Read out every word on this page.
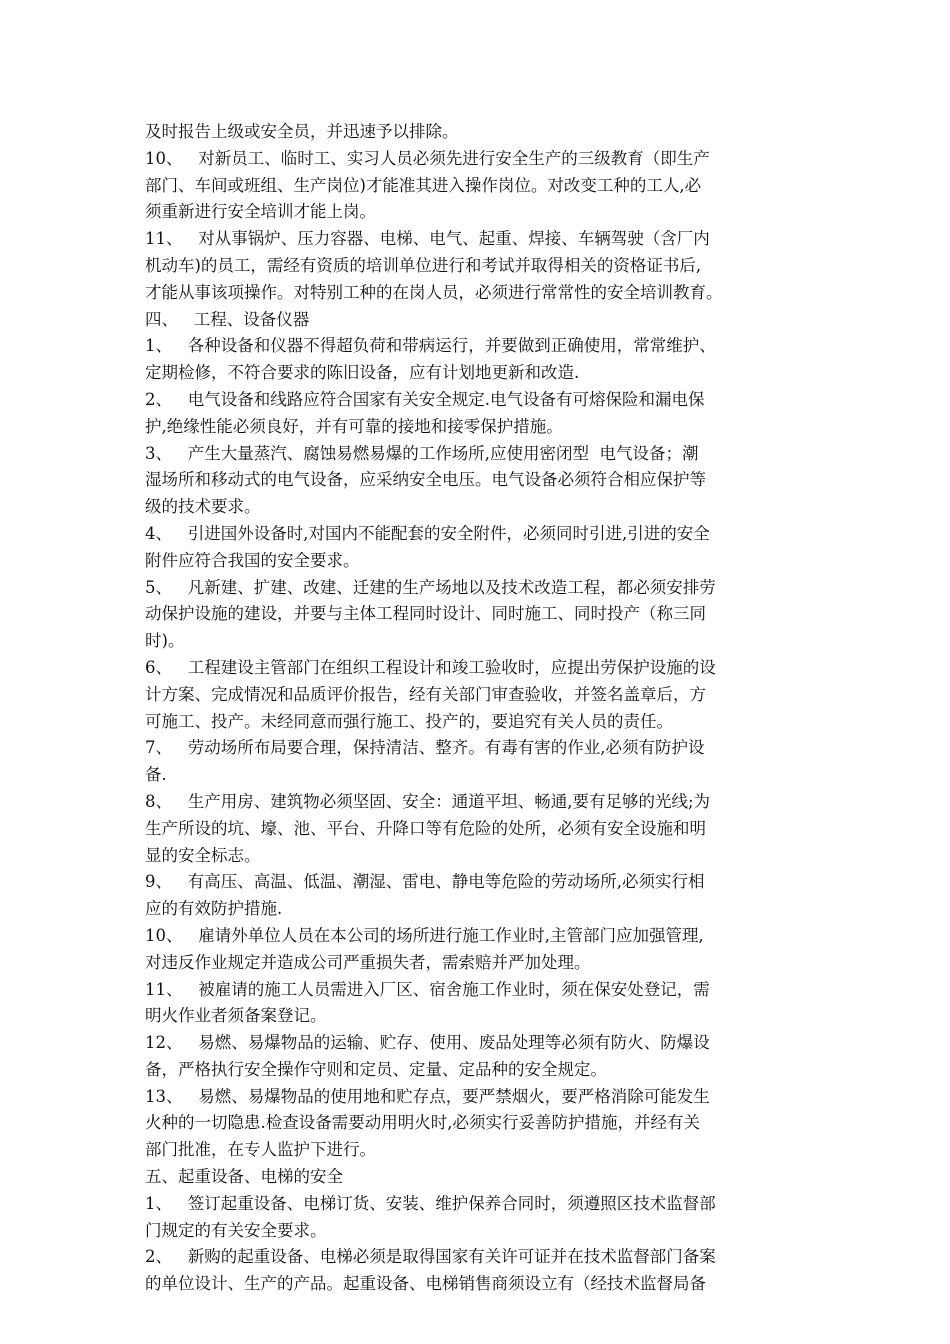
及时报告上级或安全员，并迅速予以排除。
10、   对新员工、临时工、实习人员必须先进行安全生产的三级教育（即生产
部门、车间或班组、生产岗位)才能准其进入操作岗位。对改变工种的工人,必
须重新进行安全培训才能上岗。
11、   对从事锅炉、压力容器、电梯、电气、起重、焊接、车辆驾驶（含厂内
机动车)的员工，需经有资质的培训单位进行和考试并取得相关的资格证书后,
才能从事该项操作。对特别工种的在岗人员，必须进行常常性的安全培训教育。
四、   工程、设备仪器
1、   各种设备和仪器不得超负荷和带病运行，并要做到正确使用，常常维护、
定期检修，不符合要求的陈旧设备，应有计划地更新和改造.
2、   电气设备和线路应符合国家有关安全规定.电气设备有可熔保险和漏电保
护,绝缘性能必须良好，并有可靠的接地和接零保护措施。
3、   产生大量蒸汽、腐蚀易燃易爆的工作场所,应使用密闭型  电气设备；潮
湿场所和移动式的电气设备，应采纳安全电压。电气设备必须符合相应保护等
级的技术要求。
4、   引进国外设备时,对国内不能配套的安全附件，必须同时引进,引进的安全
附件应符合我国的安全要求。
5、   凡新建、扩建、改建、迁建的生产场地以及技术改造工程，都必须安排劳
动保护设施的建设，并要与主体工程同时设计、同时施工、同时投产（称三同
时)。
6、   工程建设主管部门在组织工程设计和竣工验收时，应提出劳保护设施的设
计方案、完成情况和品质评价报告，经有关部门审查验收，并签名盖章后，方
可施工、投产。未经同意而强行施工、投产的，要追究有关人员的责任。
7、   劳动场所布局要合理，保持清洁、整齐。有毒有害的作业,必须有防护设
备.
8、   生产用房、建筑物必须坚固、安全：通道平坦、畅通,要有足够的光线;为
生产所设的坑、壕、池、平台、升降口等有危险的处所，必须有安全设施和明
显的安全标志。
9、   有高压、高温、低温、潮湿、雷电、静电等危险的劳动场所,必须实行相
应的有效防护措施.
10、   雇请外单位人员在本公司的场所进行施工作业时,主管部门应加强管理,
对违反作业规定并造成公司严重损失者，需索赔并严加处理。
11、   被雇请的施工人员需进入厂区、宿舍施工作业时，须在保安处登记，需
明火作业者须备案登记。
12、   易燃、易爆物品的运输、贮存、使用、废品处理等必须有防火、防爆设
备，严格执行安全操作守则和定员、定量、定品种的安全规定。
13、   易燃、易爆物品的使用地和贮存点，要严禁烟火，要严格消除可能发生
火种的一切隐患.检查设备需要动用明火时,必须实行妥善防护措施，并经有关
部门批准，在专人监护下进行。
五、起重设备、电梯的安全
1、   签订起重设备、电梯订货、安装、维护保养合同时，须遵照区技术监督部
门规定的有关安全要求。
2、   新购的起重设备、电梯必须是取得国家有关许可证并在技术监督部门备案
的单位设计、生产的产品。起重设备、电梯销售商须设立有（经技术监督局备
